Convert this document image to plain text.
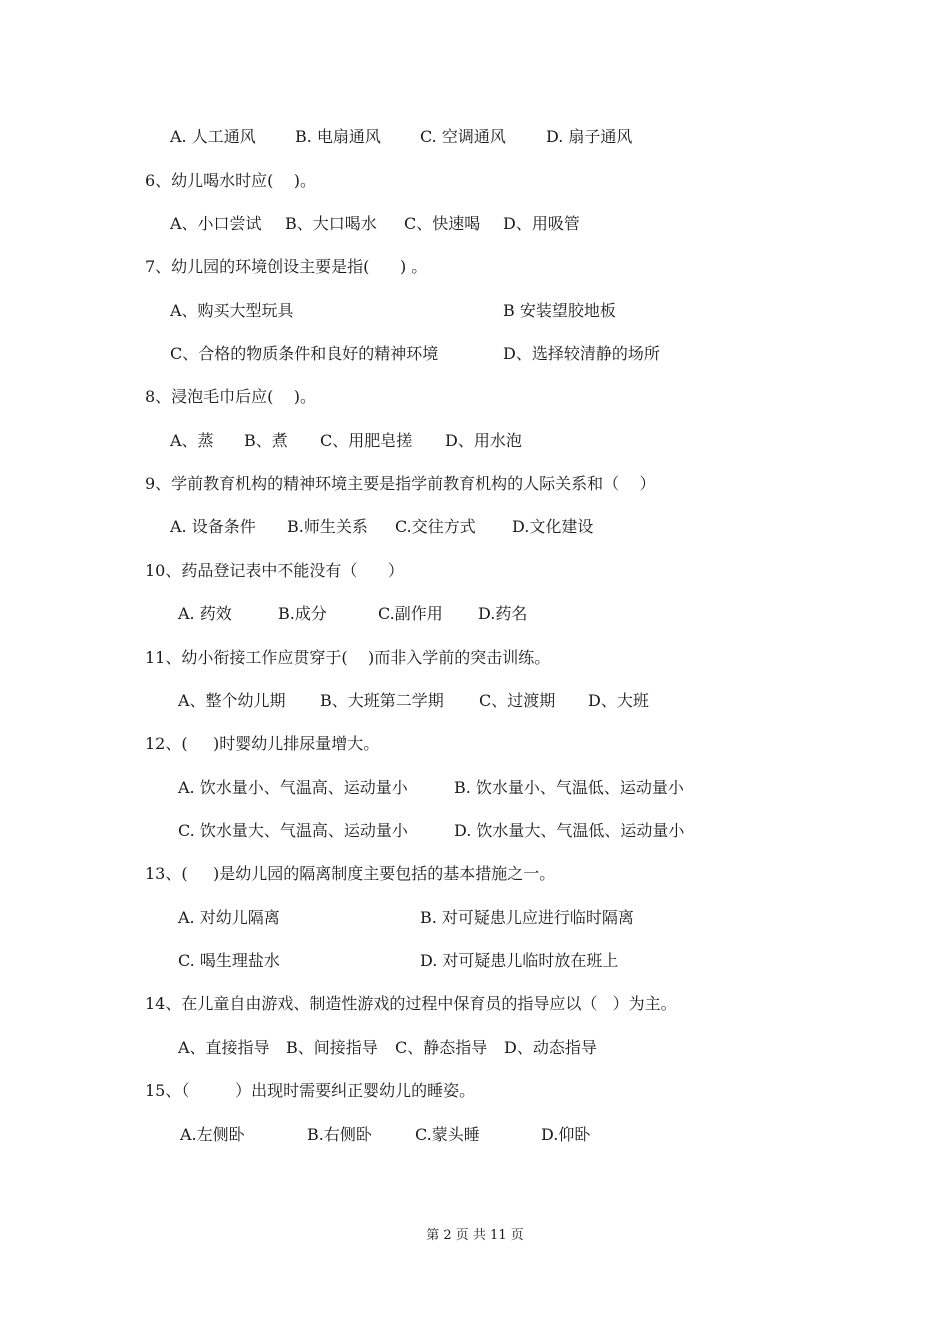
A. 人工通风 B. 电扇通风 C. 空调通风	D. 扇子通风
6、幼儿喝水时应(    )。
A、小口尝试 B、大口喝水 C、快速喝 D、用吸管
7、幼儿园的环境创设主要是指(      ) 。
A、购买大型玩具	B 安装望胶地板
C、合格的物质条件和良好的精神环境	D、选择较清静的场所
8、浸泡毛巾后应(    )。
A、蒸 B、煮 C、用肥皂搓 D、用水泡
9、学前教育机构的精神环境主要是指学前教育机构的人际关系和（    ）
A. 设备条件 B.师生关系 C.交往方式 D.文化建设
10、药品登记表中不能没有（      ）
A. 药效	B.成分	C.副作用 D.药名
11、幼小衔接工作应贯穿于(    )而非入学前的突击训练。
A、整个幼儿期 B、大班第二学期 C、过渡期 D、大班
12、(     )时婴幼儿排尿量增大。
A. 饮水量小、气温高、运动量小	B. 饮水量小、气温低、运动量小
C. 饮水量大、气温高、运动量小	D. 饮水量大、气温低、运动量小
13、(     )是幼儿园的隔离制度主要包括的基本措施之一。
A. 对幼儿隔离	B. 对可疑患儿应进行临时隔离
C. 喝生理盐水	D. 对可疑患儿临时放在班上
14、在儿童自由游戏、制造性游戏的过程中保育员的指导应以（   ）为主。
A、直接指导 B、间接指导 C、静态指导 D、动态指导
15、（         ）出现时需要纠正婴幼儿的睡姿。
A.左侧卧	B.右侧卧	C.蒙头睡	D.仰卧
第 2 页 共 11 页
